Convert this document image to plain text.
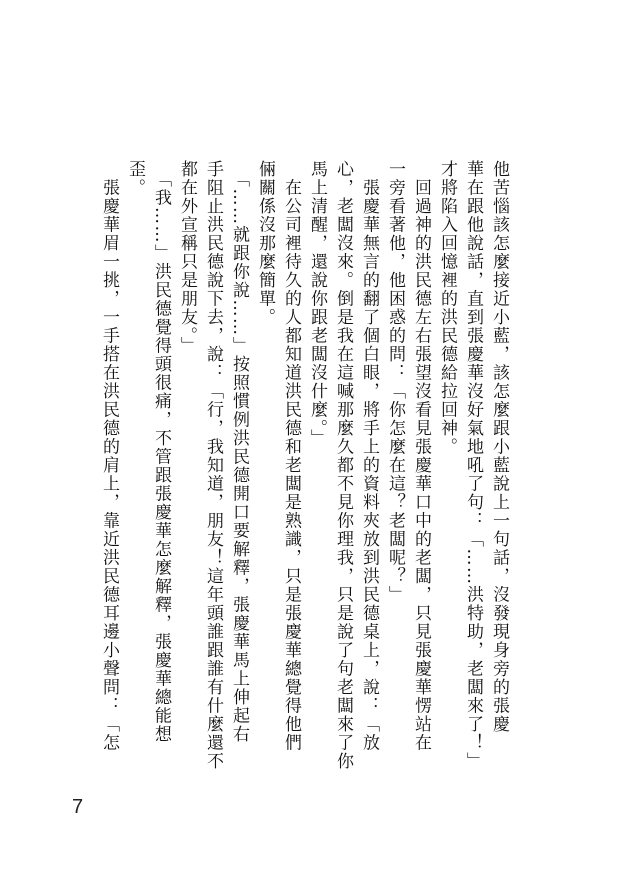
他苦惱該怎麼接近小藍，該怎麼跟小藍說上一句話，沒發現身旁的張慶
華在跟他說話，直到張慶華沒好氣地吼了句：「……洪特助，老闆來了！」
才將陷入回憶裡的洪民德給拉回神。
　回過神的洪民德左右張望沒看見張慶華口中的老闆，只見張慶華愣站在
一旁看著他，他困惑的問：「你怎麼在這？老闆呢？」
　張慶華無言的翻了個白眼，將手上的資料夾放到洪民德桌上，說：「放
心，老闆沒來。倒是我在這喊那麼久都不見你理我，只是說了句老闆來了你
馬上清醒，還說你跟老闆沒什麼。」
　在公司裡待久的人都知道洪民德和老闆是熟識，只是張慶華總覺得他們
倆關係沒那麼簡單。
　「……就跟你說……」按照慣例洪民德開口要解釋，張慶華馬上伸起右
手阻止洪民德說下去，說：「行，我知道，朋友！這年頭誰跟誰有什麼還不
都在外宣稱只是朋友。」
　「我……」洪民德覺得頭很痛，不管跟張慶華怎麼解釋，張慶華總能想
歪。
　張慶華眉一挑，一手搭在洪民德的肩上，靠近洪民德耳邊小聲問：「怎
7
